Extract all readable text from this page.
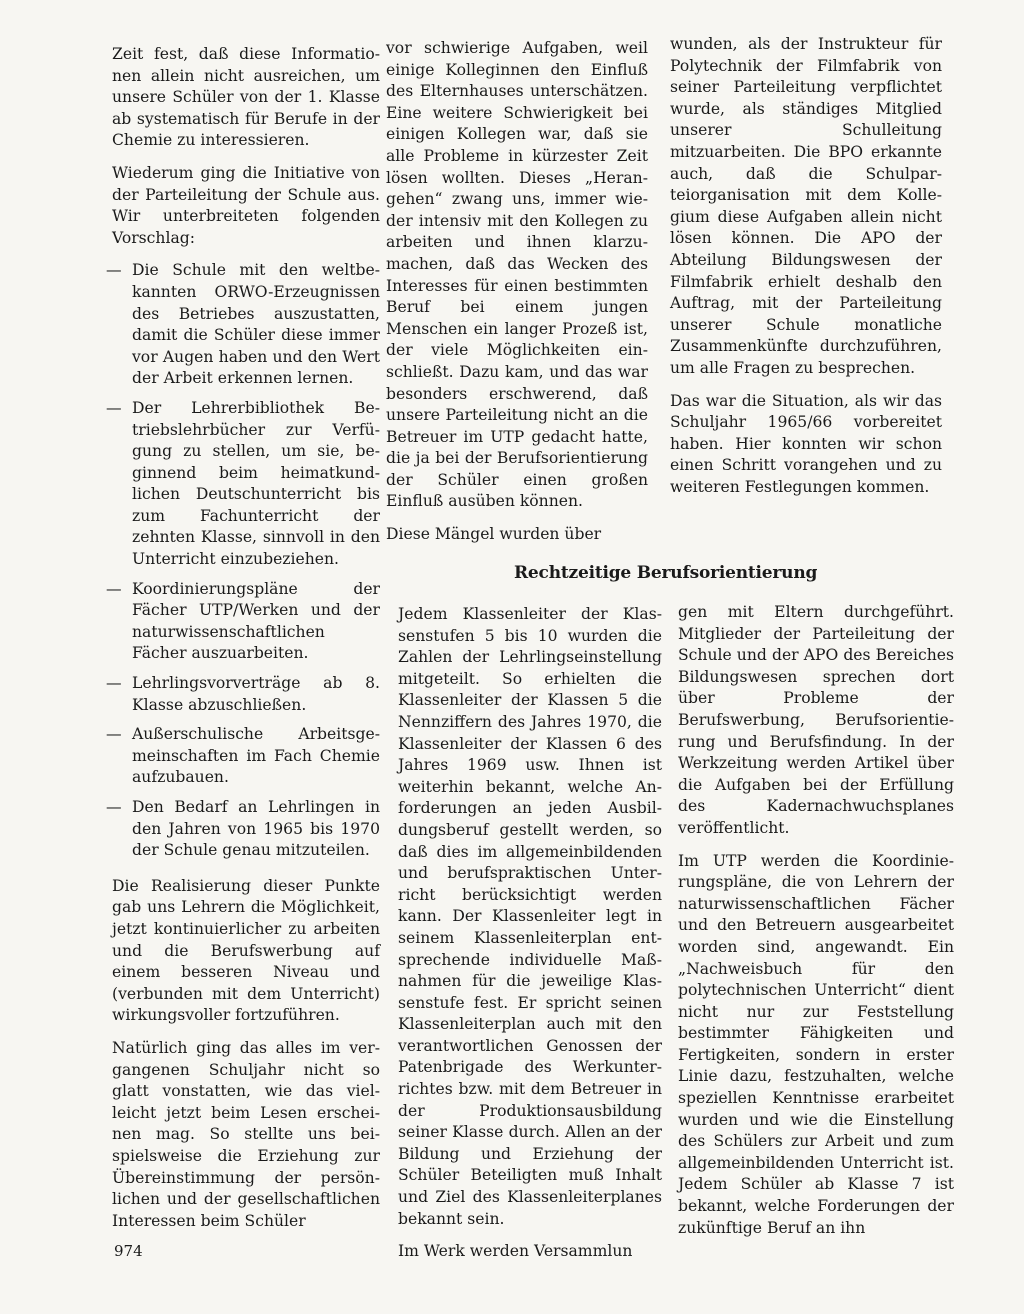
Zeit fest, daß diese Informationen allein nicht ausreichen, um unsere Schüler von der 1. Klasse ab systematisch für Berufe in der Chemie zu interessieren.

Wiederum ging die Initiative von der Parteileitung der Schule aus. Wir unterbreiteten folgenden Vorschlag:

— Die Schule mit den weltbekannten ORWO-Erzeugnissen des Betriebes auszustatten, damit die Schüler diese immer vor Augen haben und den Wert der Arbeit erkennen lernen.
— Der Lehrerbibliothek Betriebslehrbücher zur Verfügung zu stellen, um sie, beginnend beim heimatkundlichen Deutschunterricht bis zum Fachunterricht der zehnten Klasse, sinnvoll in den Unterricht einzubeziehen.
— Koordinierungspläne der Fächer UTP/Werken und der naturwissenschaftlichen Fächer auszuarbeiten.
— Lehrlingsvorverträge ab 8. Klasse abzuschließen.
— Außerschulische Arbeitsgemeinschaften im Fach Chemie aufzubauen.
— Den Bedarf an Lehrlingen in den Jahren von 1965 bis 1970 der Schule genau mitzuteilen.

Die Realisierung dieser Punkte gab uns Lehrern die Möglichkeit, jetzt kontinuierlicher zu arbeiten und die Berufswerbung auf einem besseren Niveau und (verbunden mit dem Unterricht) wirkungsvoller fortzuführen.

Natürlich ging das alles im vergangenen Schuljahr nicht so glatt vonstatten, wie das vielleicht jetzt beim Lesen erscheinen mag. So stellte uns beispielsweise die Erziehung zur Übereinstimmung der persönlichen und der gesellschaftlichen Interessen beim Schüler

vor schwierige Aufgaben, weil einige Kolleginnen den Einfluß des Elternhauses unterschätzen. Eine weitere Schwierigkeit bei einigen Kollegen war, daß sie alle Probleme in kürzester Zeit lösen wollten. Dieses „Herangehen“ zwang uns, immer wieder intensiv mit den Kollegen zu arbeiten und ihnen klarzumachen, daß das Wecken des Interesses für einen bestimmten Beruf bei einem jungen Menschen ein langer Prozeß ist, der viele Möglichkeiten einschließt. Dazu kam, und das war besonders erschwerend, daß unsere Parteileitung nicht an die Betreuer im UTP gedacht hatte, die ja bei der Berufsorientierung der Schüler einen großen Einfluß ausüben können.

Diese Mängel wurden über

wunden, als der Instrukteur für Polytechnik der Filmfabrik von seiner Parteileitung verpflichtet wurde, als ständiges Mitglied unserer Schulleitung mitzuarbeiten. Die BPO erkannte auch, daß die Schulparteiorganisation mit dem Kollegium diese Aufgaben allein nicht lösen können. Die APO der Abteilung Bildungswesen der Filmfabrik erhielt deshalb den Auftrag, mit der Parteileitung unserer Schule monatliche Zusammenkünfte durchzuführen, um alle Fragen zu besprechen.

Das war die Situation, als wir das Schuljahr 1965/66 vorbereitet haben. Hier konnten wir schon einen Schritt vorangehen und zu weiteren Festlegungen kommen.

Rechtzeitige Berufsorientierung

Jedem Klassenleiter der Klassenstufen 5 bis 10 wurden die Zahlen der Lehrlingseinstellung mitgeteilt. So erhielten die Klassenleiter der Klassen 5 die Nennziffern des Jahres 1970, die Klassenleiter der Klassen 6 des Jahres 1969 usw. Ihnen ist weiterhin bekannt, welche Anforderungen an jeden Ausbildungsberuf gestellt werden, so daß dies im allgemeinbildenden und berufspraktischen Unterricht berücksichtigt werden kann. Der Klassenleiter legt in seinem Klassenleiterplan entsprechende individuelle Maßnahmen für die jeweilige Klassenstufe fest. Er spricht seinen Klassenleiterplan auch mit den verantwortlichen Genossen der Patenbrigade des Werkunterrichtes bzw. mit dem Betreuer in der Produktionsausbildung seiner Klasse durch. Allen an der Bildung und Erziehung der Schüler Beteiligten muß Inhalt und Ziel des Klassenleiterplanes bekannt sein.

Im Werk werden Versammlun

gen mit Eltern durchgeführt. Mitglieder der Parteileitung der Schule und der APO des Bereiches Bildungswesen sprechen dort über Probleme der Berufswerbung, Berufsorientierung und Berufsfindung. In der Werkzeitung werden Artikel über die Aufgaben bei der Erfüllung des Kadernachwuchsplanes veröffentlicht.

Im UTP werden die Koordinierungspläne, die von Lehrern der naturwissenschaftlichen Fächer und den Betreuern ausgearbeitet worden sind, angewandt. Ein „Nachweisbuch für den polytechnischen Unterricht“ dient nicht nur zur Feststellung bestimmter Fähigkeiten und Fertigkeiten, sondern in erster Linie dazu, festzuhalten, welche speziellen Kenntnisse erarbeitet wurden und wie die Einstellung des Schülers zur Arbeit und zum allgemeinbildenden Unterricht ist. Jedem Schüler ab Klasse 7 ist bekannt, welche Forderungen der zukünftige Beruf an ihn

974
